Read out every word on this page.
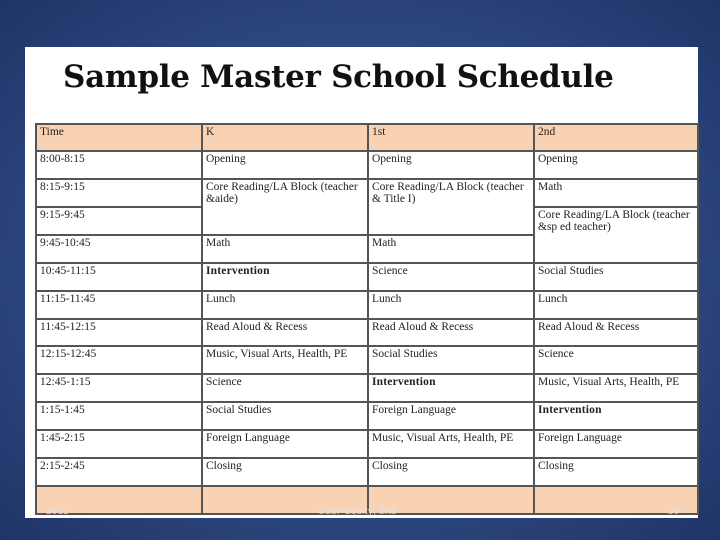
Sample Master School Schedule
Time	K	1st	2nd
8:00-8:15	Opening	Opening	Opening
8:15-9:15	Core Reading/LA Block (teacher &aide)	Core Reading/LA Block (teacher & Title I)	Math
9:15-9:45			Core Reading/LA Block (teacher &sp ed teacher)
9:45-10:45	Math	Math	
10:45-11:15	Intervention	Science	Social Studies
11:15-11:45	Lunch	Lunch	Lunch
11:45-12:15	Read Aloud & Recess	Read Aloud & Recess	Read Aloud & Recess
12:15-12:45	Music, Visual Arts, Health, PE	Social Studies	Science
12:45-1:15	Science	Intervention	Music, Visual Arts, Health, PE
1:15-1:45	Social Studies	Foreign Language	Intervention
1:45-2:15	Foreign Language	Music, Visual Arts, Health, PE	Foreign Language
2:15-2:45	Closing	Closing	Closing

2012	OSEP Equity, SRS	30
